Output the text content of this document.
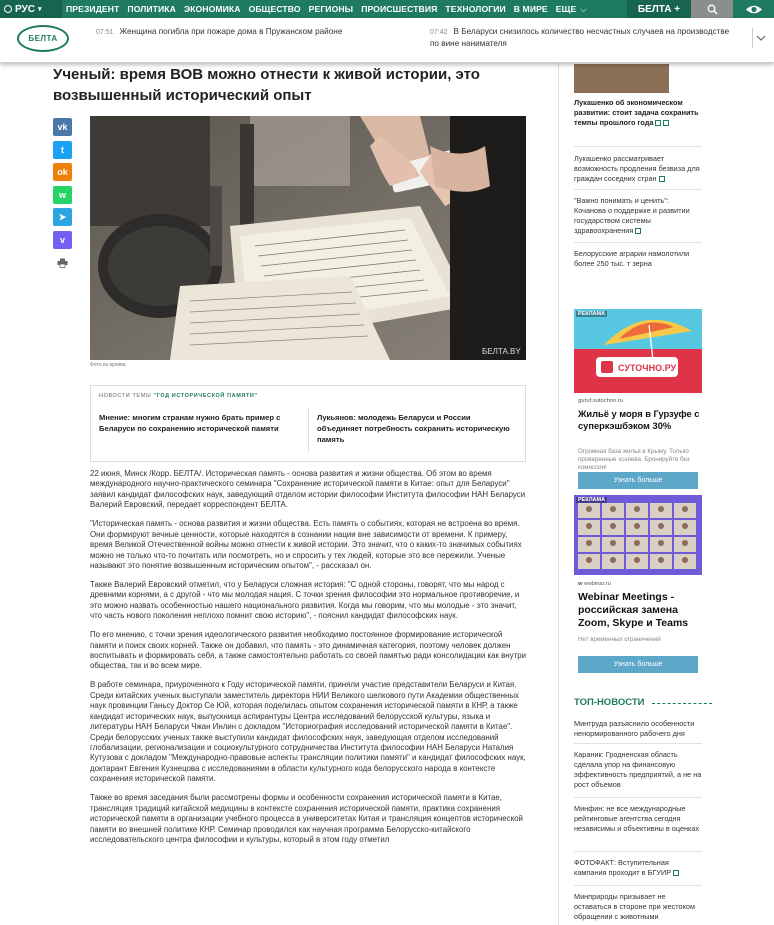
РУС ▾	ПРЕЗИДЕНТ ПОЛИТИКА ЭКОНОМИКА ОБЩЕСТВО РЕГИОНЫ ПРОИСШЕСТВИЯ ТЕХНОЛОГИИ В МИРЕ ЕЩЕ ⌵	БЕЛТА +
БЕЛТА
07:51 Женщина погибла при пожаре дома в Пружанском районе	07:42 В Беларуси снизилось количество несчастных случаев на производстве по вине нанимателя
Ученый: время ВОВ можно отнести к живой истории, это возвышенный исторический опыт
vk
t
ok
w
➤
v
БЕЛТА.BY
Фото из архива
НОВОСТИ ТЕМЫ "ГОД ИСТОРИЧЕСКОЙ ПАМЯТИ"
Мнение: многим странам нужно брать пример с Беларуси по сохранению исторической памяти
Лукьянов: молодежь Беларуси и России объединяет потребность сохранить историческую память

22 июня, Минск /Корр. БЕЛТА/. Историческая память - основа развития и жизни общества. Об этом во время международного научно-практического семинара "Сохранение исторической памяти в Китае: опыт для Беларуси" заявил кандидат философских наук, заведующий отделом истории философии Института философии НАН Беларуси Валерий Евровский, передает корреспондент БЕЛТА.

"Историческая память - основа развития и жизни общества. Есть память о событиях, которая не встроена во время. Они формируют вечные ценности, которые находятся в сознании нации вне зависимости от времени. К примеру, время Великой Отечественной войны можно отнести к живой истории. Это значит, что о каких-то значимых событиях можно не только что-то почитать или посмотреть, но и спросить у тех людей, которые это все пережили. Ученые называют это понятие возвышенным историческим опытом", - рассказал он.

Также Валерий Евровский отметил, что у Беларуси сложная история: "С одной стороны, говорят, что мы народ с древними корнями, а с другой - что мы молодая нация. С точки зрения философии это нормальное противоречие, и это можно назвать особенностью нашего национального развития. Когда мы говорим, что мы молодые - это значит, что часть нового поколения неплохо помнит свою историю", - пояснил кандидат философских наук.

По его мнению, с точки зрения идеологического развития необходимо постоянное формирование исторической памяти и поиск своих корней. Также он добавил, что память - это динамичная категория, поэтому человек должен воспитывать и формировать себя, а также самостоятельно работать со своей памятью ради консолидации как внутри общества, так и во всем мире.

В работе семинара, приуроченного к Году исторической памяти, приняли участие представители Беларуси и Китая. Среди китайских ученых выступали заместитель директора НИИ Великого шелкового пути Академии общественных наук провинции Ганьсу Доктор Се Юй, которая поделилась опытом сохранения исторической памяти в КНР, а также кандидат исторических наук, выпускница аспирантуры Центра исследований белорусской культуры, языка и литературы НАН Беларуси Чжан Инлин с докладом "Историография исследований исторической памяти в Китае". Среди белорусских ученых также выступили кандидат философских наук, заведующая отделом исследований глобализации, регионализации и социокультурного сотрудничества Института философии НАН Беларуси Наталия Кутузова с докладом "Международно-правовые аспекты трансляции политики памяти" и кандидат философских наук, доктарант Евгения Кузнецова с исследованиями в области культурного кода белорусского народа в контексте сохранения исторической памяти.

Также во время заседания были рассмотрены формы и особенности сохранения исторической памяти в Китае, трансляция традиций китайской медицины в контексте сохранения исторической памяти, практика сохранения исторической памяти в организации учебного процесса в университетах Китая и трансляция концептов исторической памяти во внешней политике КНР. Семинар проводился как научная программа Белорусско-китайского исследовательского центра философии и культуры, который в этом году отметил

Лукашенко об экономическом развитии: стоит задача сохранить темпы прошлого года
Лукашенко рассматривает возможность продления безвиза для граждан соседних стран
"Важно понимать и ценить": Кочанова о поддержке и развитии государством системы здравоохранения
Белорусские аграрии намолотили более 250 тыс. т зерна
СУТОЧНО.РУ
РЕКЛАМА
guruf.sutochno.ru
Жильё у моря в Гурзуфе с суперкэшбэком 30%
Огромная база жилья в Крыму. Только проверенные хозяева. Бронируйте без комиссии!
Узнать больше
РЕКЛАМА
w webinar.ru
Webinar Meetings - российская замена Zoom, Skype и Teams
Нет временных ограничений
Узнать больше
ТОП-НОВОСТИ
Минтруда разъяснило особенности ненормированного рабочего дня
Караник: Гродненская область сделала упор на финансовую эффективность предприятий, а не на рост объемов
Минфин: не все международные рейтинговые агентства сегодня независимы и объективны в оценках
ФОТОФАКТ: Вступительная кампания проходит в БГУИР
Минприроды призывает не оставаться в стороне при жестоком обращении с животными
